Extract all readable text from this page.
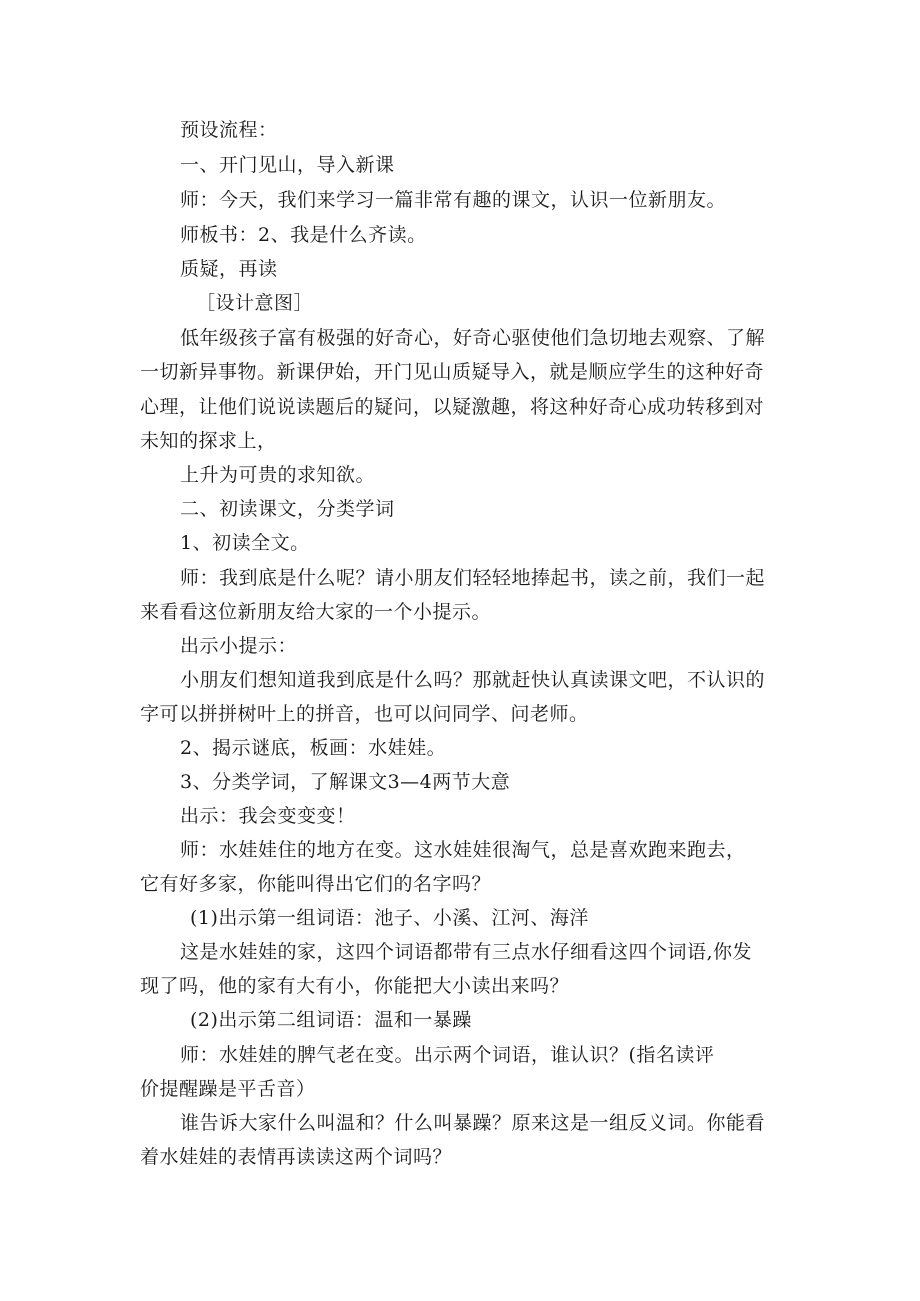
预设流程：
一、开门见山，导入新课
师：今天，我们来学习一篇非常有趣的课文，认识一位新朋友。
师板书：2、我是什么齐读。
质疑，再读
［设计意图］
低年级孩子富有极强的好奇心，好奇心驱使他们急切地去观察、了解
一切新异事物。新课伊始，开门见山质疑导入，就是顺应学生的这种好奇
心理，让他们说说读题后的疑问，以疑激趣，将这种好奇心成功转移到对
未知的探求上，
上升为可贵的求知欲。
二、初读课文，分类学词
1、初读全文。
师：我到底是什么呢？请小朋友们轻轻地捧起书，读之前，我们一起
来看看这位新朋友给大家的一个小提示。
出示小提示：
小朋友们想知道我到底是什么吗？那就赶快认真读课文吧，不认识的
字可以拼拼树叶上的拼音，也可以问同学、问老师。
2、揭示谜底，板画：水娃娃。
3、分类学词，了解课文3—4两节大意
出示：我会变变变！
师：水娃娃住的地方在变。这水娃娃很淘气，总是喜欢跑来跑去，
它有好多家，你能叫得出它们的名字吗？
(1)出示第一组词语：池子、小溪、江河、海洋
这是水娃娃的家，这四个词语都带有三点水仔细看这四个词语,你发
现了吗，他的家有大有小，你能把大小读出来吗？
(2)出示第二组词语：温和一暴躁
师：水娃娃的脾气老在变。出示两个词语，谁认识？(指名读评
价提醒躁是平舌音）
谁告诉大家什么叫温和？什么叫暴躁？原来这是一组反义词。你能看
着水娃娃的表情再读读这两个词吗？
